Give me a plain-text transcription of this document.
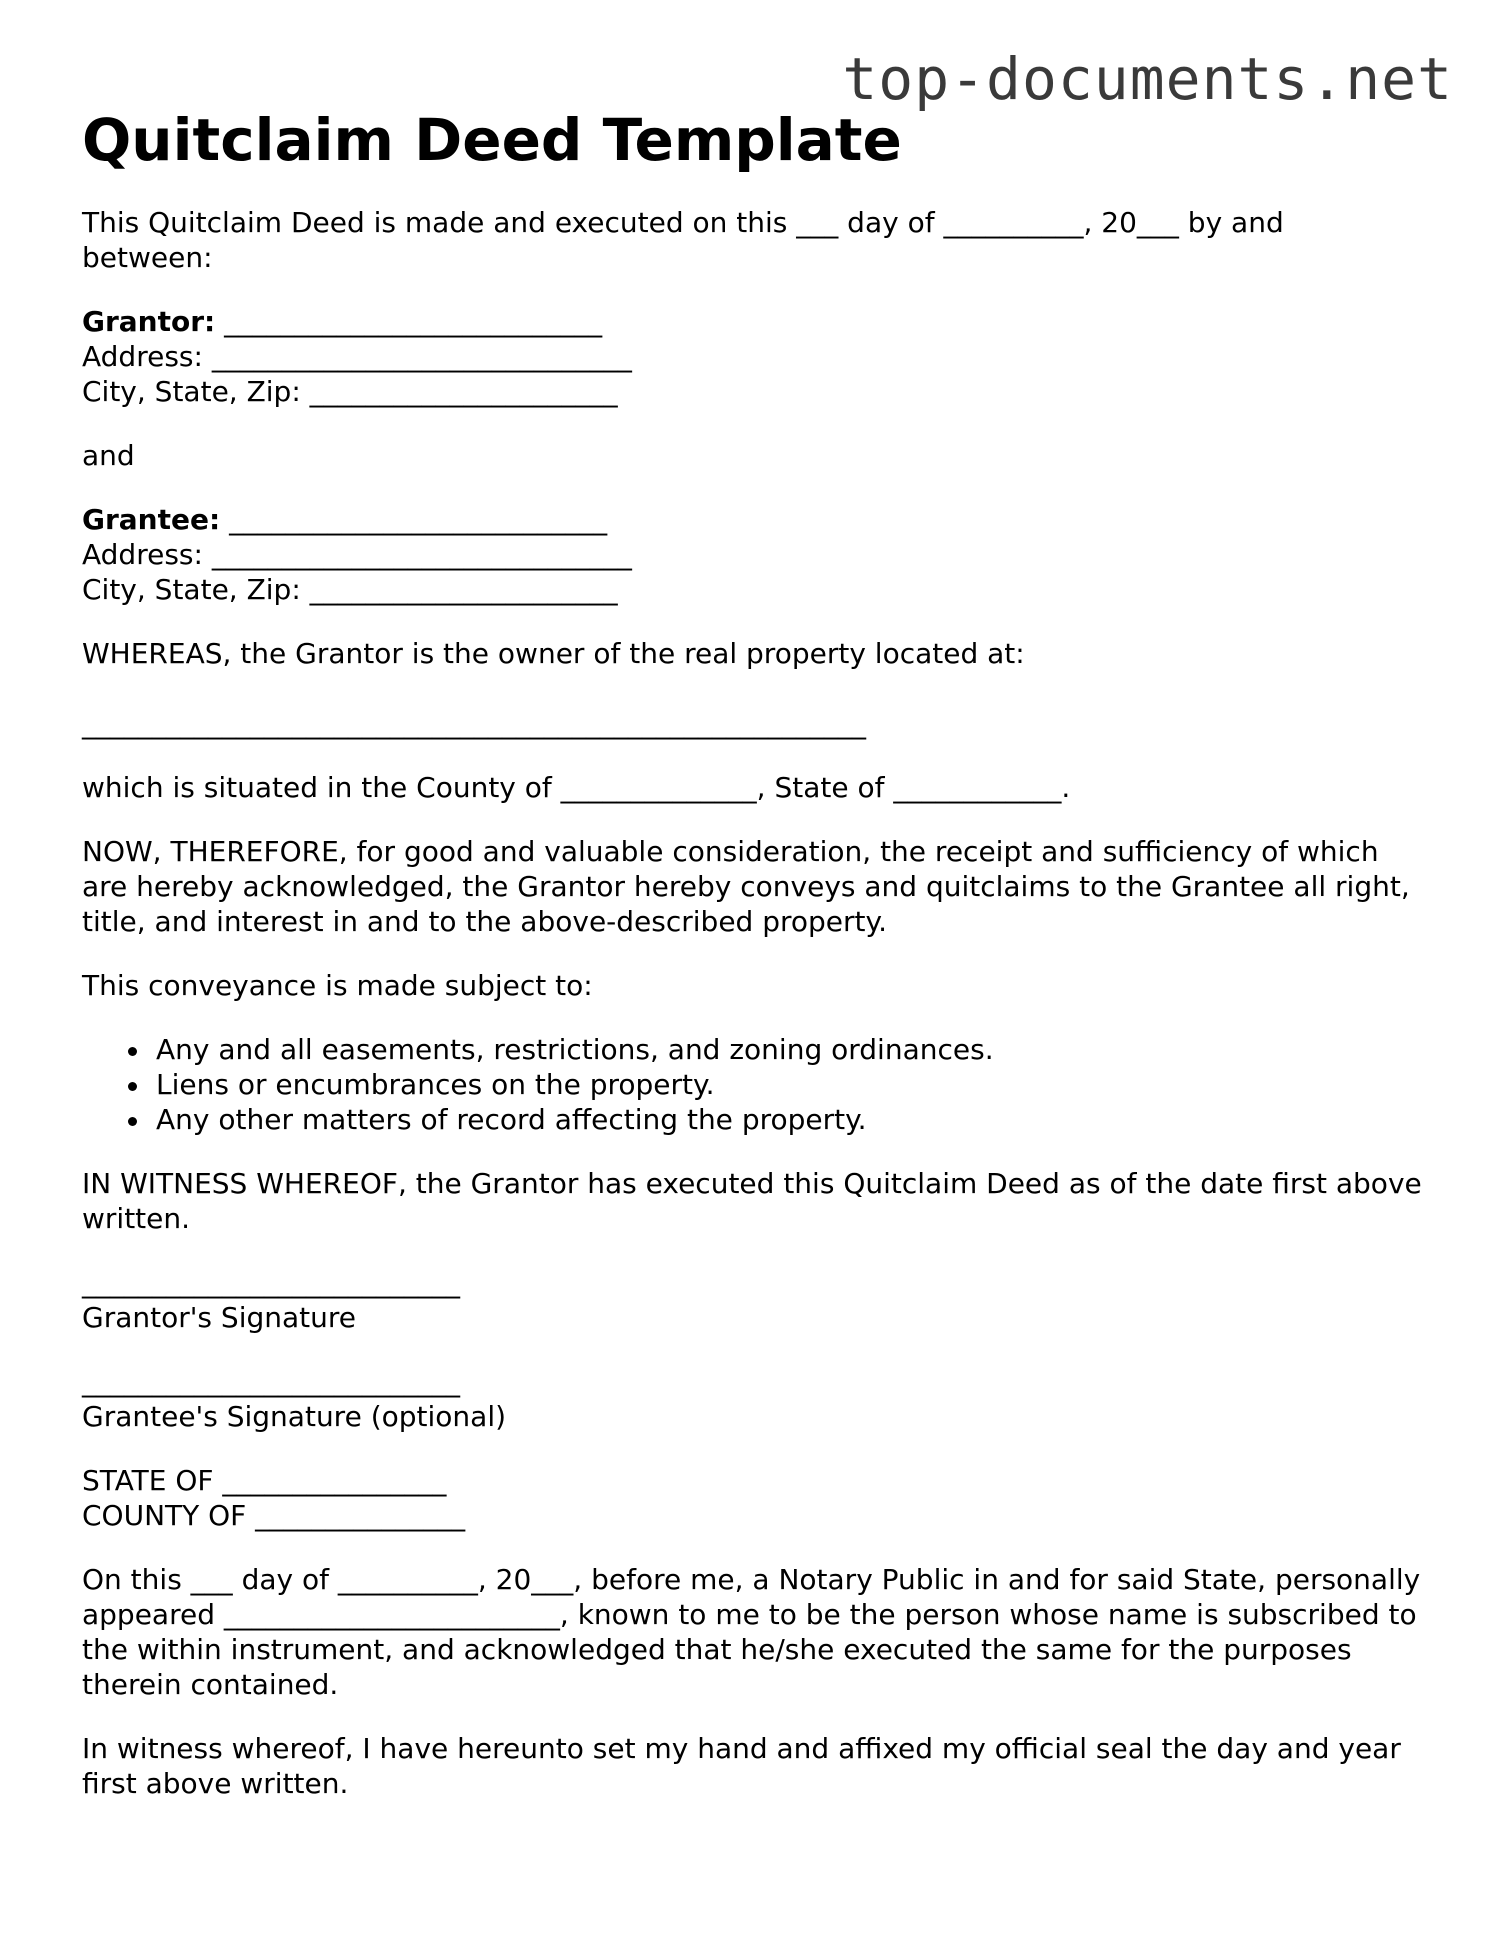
top-documents.net
Quitclaim Deed Template

This Quitclaim Deed is made and executed on this ___ day of __________, 20___ by and between:

Grantor: ___________________________
Address: ______________________________
City, State, Zip: ______________________

and

Grantee: ___________________________
Address: ______________________________
City, State, Zip: ______________________

WHEREAS, the Grantor is the owner of the real property located at:

________________________________________________________

which is situated in the County of ______________, State of ____________.

NOW, THEREFORE, for good and valuable consideration, the receipt and sufficiency of which are hereby acknowledged, the Grantor hereby conveys and quitclaims to the Grantee all right, title, and interest in and to the above-described property.

This conveyance is made subject to:

Any and all easements, restrictions, and zoning ordinances.
Liens or encumbrances on the property.
Any other matters of record affecting the property.

IN WITNESS WHEREOF, the Grantor has executed this Quitclaim Deed as of the date first above written.

___________________________
Grantor's Signature
___________________________
Grantee's Signature (optional)
STATE OF ________________
COUNTY OF _______________

On this ___ day of __________, 20___, before me, a Notary Public in and for said State, personally appeared ________________________, known to me to be the person whose name is subscribed to the within instrument, and acknowledged that he/she executed the same for the purposes therein contained.

In witness whereof, I have hereunto set my hand and affixed my official seal the day and year first above written.
